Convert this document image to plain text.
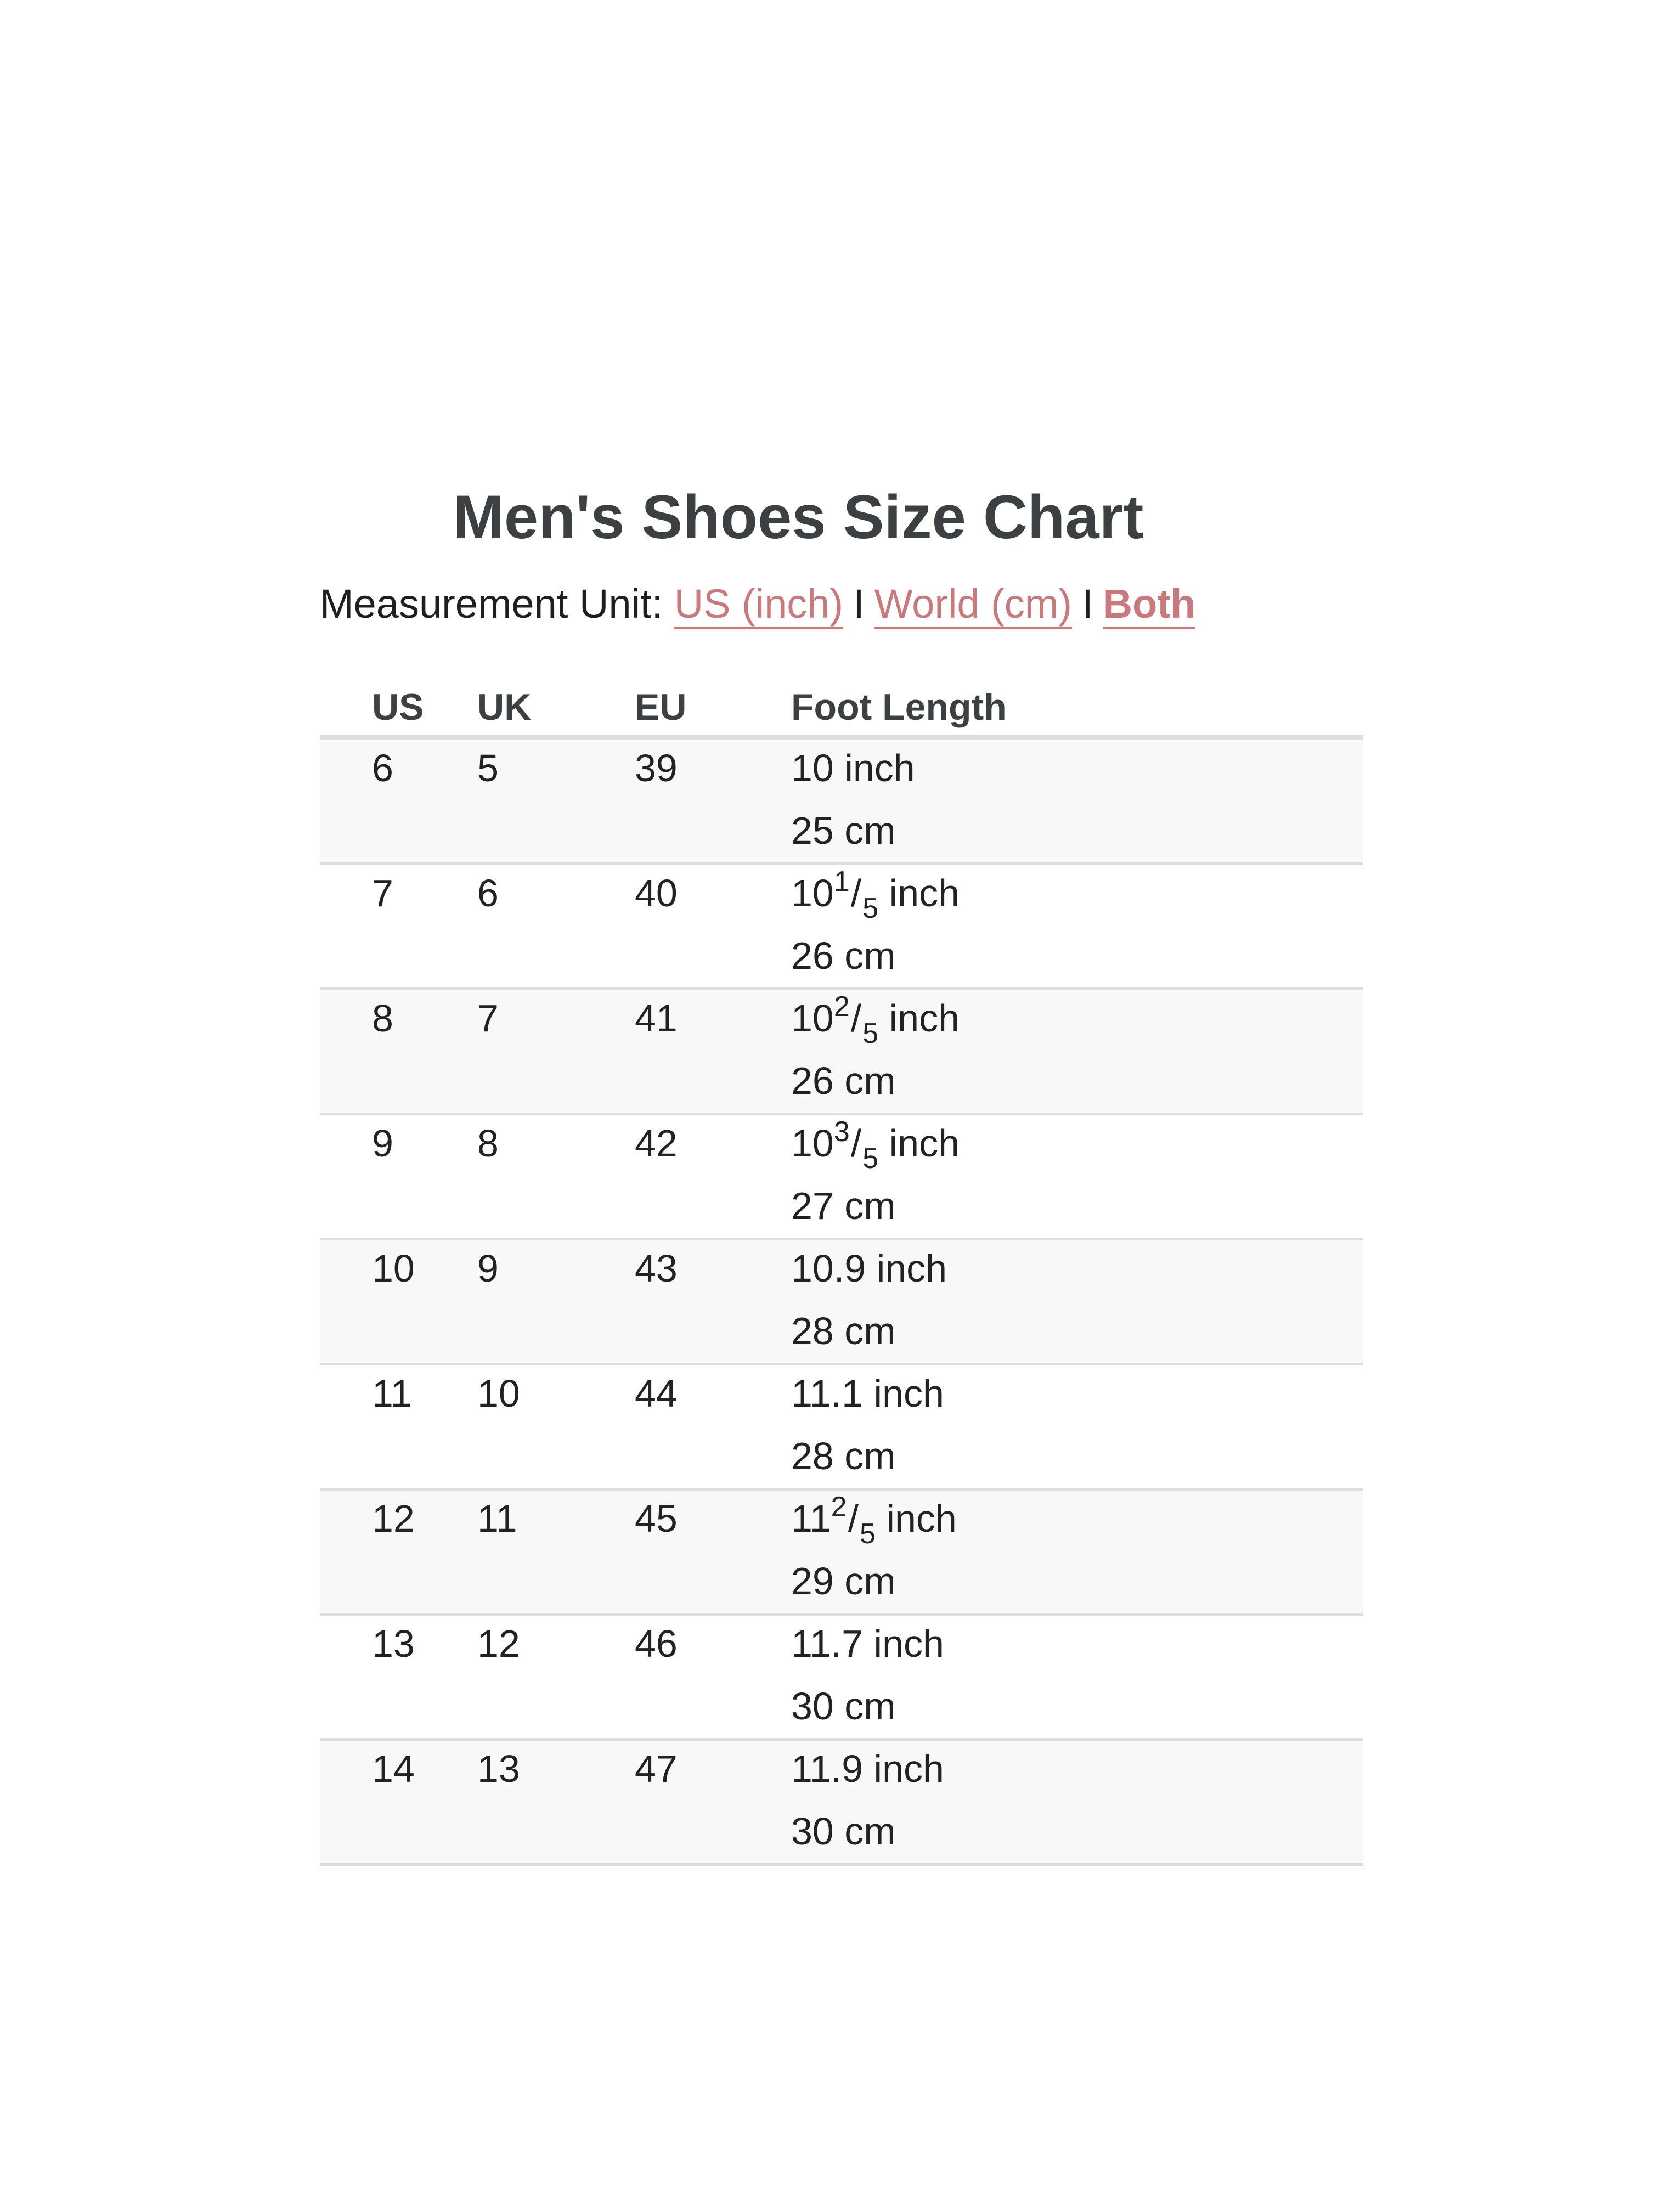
Men's Shoes Size Chart
Measurement Unit: US (inch) I World (cm) I Both
US	UK	EU	Foot Length
6	5	39	10 inch
25 cm
7	6	40	$10^1/_5$ inch
26 cm
8	7	41	$10^2/_5$ inch
26 cm
9	8	42	$10^3/_5$ inch
27 cm
10	9	43	10.9 inch
28 cm
11	10	44	11.1 inch
28 cm
12	11	45	$11^2/_5$ inch
29 cm
13	12	46	11.7 inch
30 cm
14	13	47	11.9 inch
30 cm
